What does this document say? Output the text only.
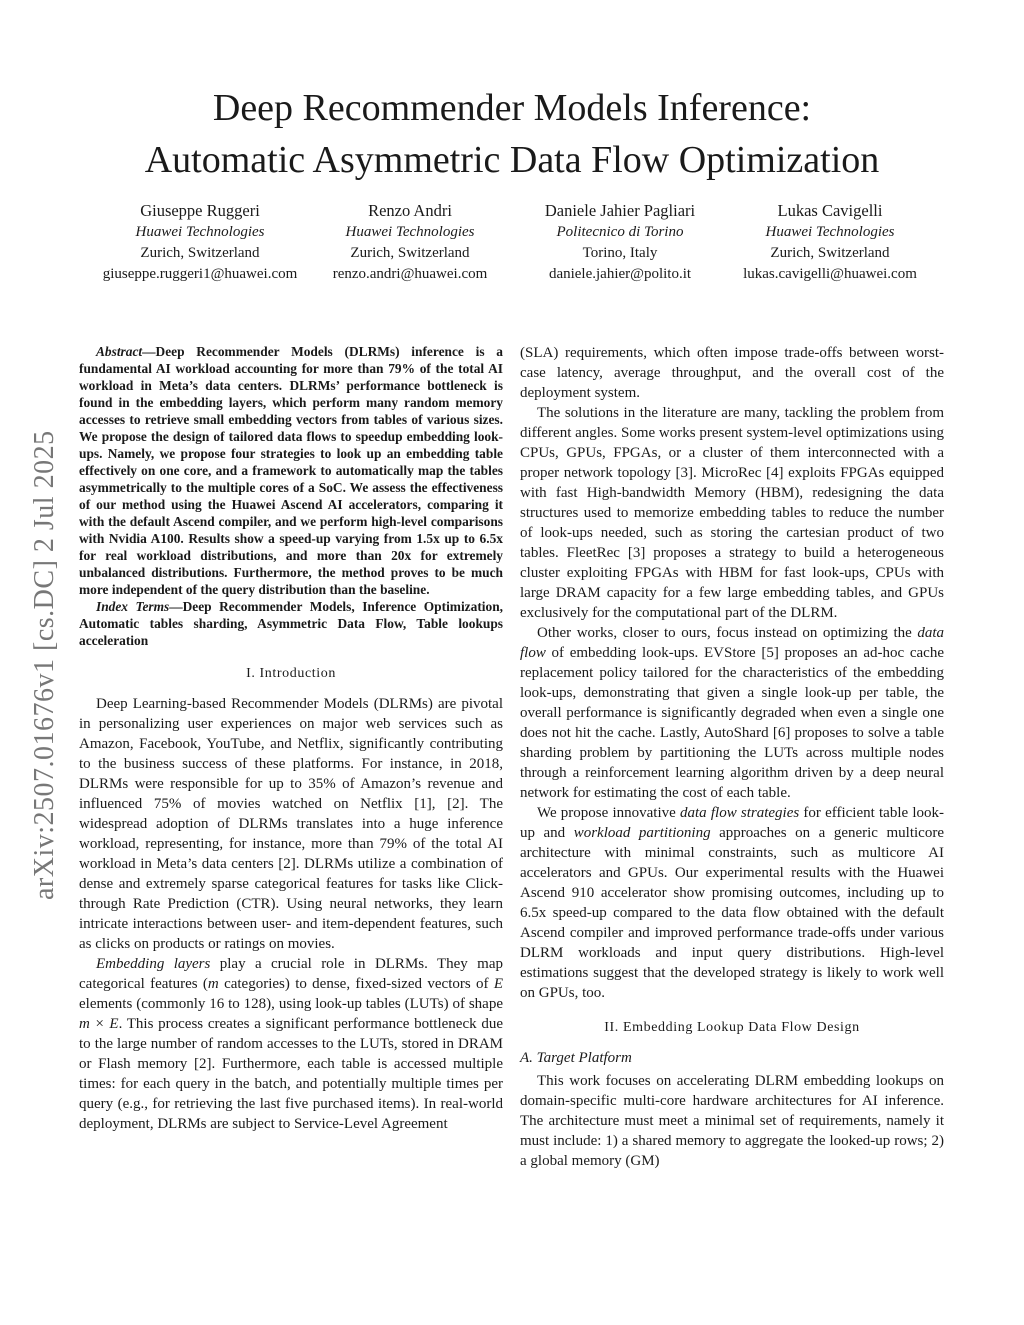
arXiv:2507.01676v1 [cs.DC] 2 Jul 2025
Deep Recommender Models Inference:
Automatic Asymmetric Data Flow Optimization
Giuseppe Ruggeri
Huawei Technologies
Zurich, Switzerland
giuseppe.ruggeri1@huawei.com
Renzo Andri
Huawei Technologies
Zurich, Switzerland
renzo.andri@huawei.com
Daniele Jahier Pagliari
Politecnico di Torino
Torino, Italy
daniele.jahier@polito.it
Lukas Cavigelli
Huawei Technologies
Zurich, Switzerland
lukas.cavigelli@huawei.com

Abstract—Deep Recommender Models (DLRMs) inference is a fundamental AI workload accounting for more than 79% of the total AI workload in Meta’s data centers. DLRMs’ performance bottleneck is found in the embedding layers, which perform many random memory accesses to retrieve small embedding vectors from tables of various sizes. We propose the design of tailored data flows to speedup embedding look-ups. Namely, we propose four strategies to look up an embedding table effectively on one core, and a framework to automatically map the tables asymmetrically to the multiple cores of a SoC. We assess the effectiveness of our method using the Huawei Ascend AI accelerators, comparing it with the default Ascend compiler, and we perform high-level comparisons with Nvidia A100. Results show a speed-up varying from 1.5x up to 6.5x for real workload distributions, and more than 20x for extremely unbalanced distributions. Furthermore, the method proves to be much more independent of the query distribution than the baseline.

Index Terms—Deep Recommender Models, Inference Optimization, Automatic tables sharding, Asymmetric Data Flow, Table lookups acceleration

I. Introduction

Deep Learning-based Recommender Models (DLRMs) are pivotal in personalizing user experiences on major web services such as Amazon, Facebook, YouTube, and Netflix, significantly contributing to the business success of these platforms. For instance, in 2018, DLRMs were responsible for up to 35% of Amazon’s revenue and influenced 75% of movies watched on Netflix [1], [2]. The widespread adoption of DLRMs translates into a huge inference workload, representing, for instance, more than 79% of the total AI workload in Meta’s data centers [2]. DLRMs utilize a combination of dense and extremely sparse categorical features for tasks like Click-through Rate Prediction (CTR). Using neural networks, they learn intricate interactions between user- and item-dependent features, such as clicks on products or ratings on movies.

Embedding layers play a crucial role in DLRMs. They map categorical features (m categories) to dense, fixed-sized vectors of E elements (commonly 16 to 128), using look-up tables (LUTs) of shape m × E. This process creates a significant performance bottleneck due to the large number of random accesses to the LUTs, stored in DRAM or Flash memory [2]. Furthermore, each table is accessed multiple times: for each query in the batch, and potentially multiple times per query (e.g., for retrieving the last five purchased items). In real-world deployment, DLRMs are subject to Service-Level Agreement

(SLA) requirements, which often impose trade-offs between worst-case latency, average throughput, and the overall cost of the deployment system.

The solutions in the literature are many, tackling the problem from different angles. Some works present system-level optimizations using CPUs, GPUs, FPGAs, or a cluster of them interconnected with a proper network topology [3]. MicroRec [4] exploits FPGAs equipped with fast High-bandwidth Memory (HBM), redesigning the data structures used to memorize embedding tables to reduce the number of look-ups needed, such as storing the cartesian product of two tables. FleetRec [3] proposes a strategy to build a heterogeneous cluster exploiting FPGAs with HBM for fast look-ups, CPUs with large DRAM capacity for a few large embedding tables, and GPUs exclusively for the computational part of the DLRM.

Other works, closer to ours, focus instead on optimizing the data flow of embedding look-ups. EVStore [5] proposes an ad-hoc cache replacement policy tailored for the characteristics of the embedding look-ups, demonstrating that given a single look-up per table, the overall performance is significantly degraded when even a single one does not hit the cache. Lastly, AutoShard [6] proposes to solve a table sharding problem by partitioning the LUTs across multiple nodes through a reinforcement learning algorithm driven by a deep neural network for estimating the cost of each table.

We propose innovative data flow strategies for efficient table look-up and workload partitioning approaches on a generic multicore architecture with minimal constraints, such as multicore AI accelerators and GPUs. Our experimental results with the Huawei Ascend 910 accelerator show promising outcomes, including up to 6.5x speed-up compared to the data flow obtained with the default Ascend compiler and improved performance trade-offs under various DLRM workloads and input query distributions. High-level estimations suggest that the developed strategy is likely to work well on GPUs, too.

II. Embedding Lookup Data Flow Design
A. Target Platform

This work focuses on accelerating DLRM embedding lookups on domain-specific multi-core hardware architectures for AI inference. The architecture must meet a minimal set of requirements, namely it must include: 1) a shared memory to aggregate the looked-up rows; 2) a global memory (GM)
